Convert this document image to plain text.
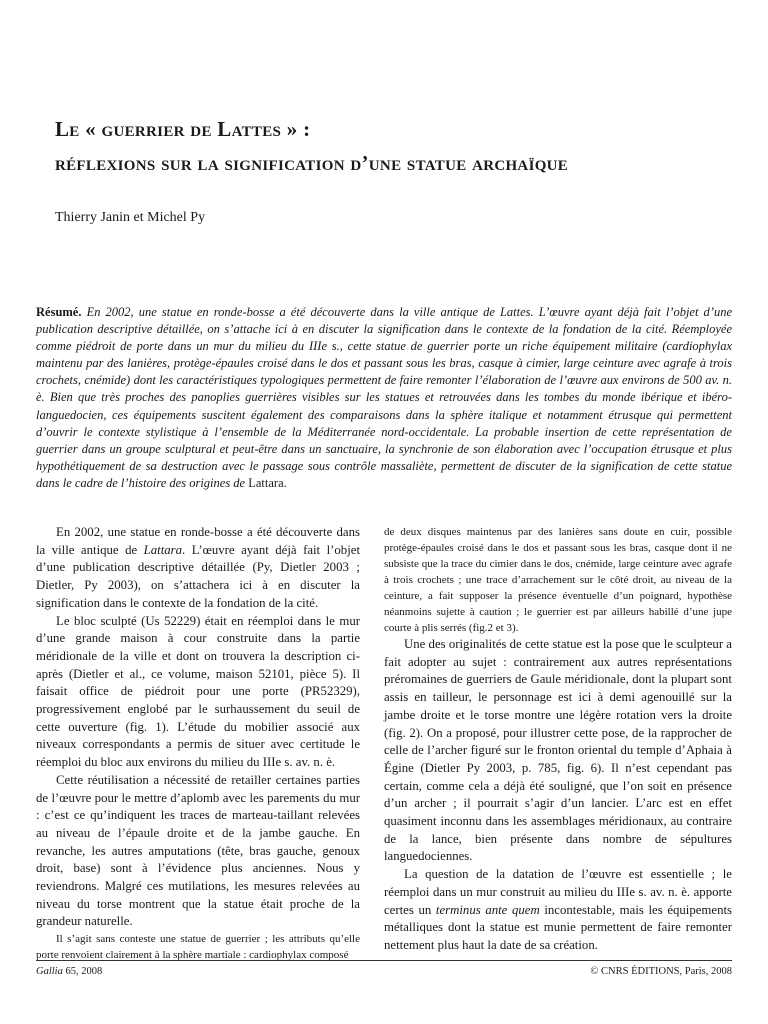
Le « guerrier de Lattes » :
réflexions sur la signification d’une statue archaïque
Thierry Janin et Michel Py

Résumé. En 2002, une statue en ronde-bosse a été découverte dans la ville antique de Lattes. L’œuvre ayant déjà fait l’objet d’une publication descriptive détaillée, on s’attache ici à en discuter la signification dans le contexte de la fondation de la cité. Réemployée comme piédroit de porte dans un mur du milieu du IIIe s., cette statue de guerrier porte un riche équipement militaire (cardiophylax maintenu par des lanières, protège-épaules croisé dans le dos et passant sous les bras, casque à cimier, large ceinture avec agrafe à trois crochets, cnémide) dont les caractéristiques typologiques permettent de faire remonter l’élaboration de l’œuvre aux environs de 500 av. n. è. Bien que très proches des panoplies guerrières visibles sur les statues et retrouvées dans les tombes du monde ibérique et ibéro-languedocien, ces équipements suscitent également des comparaisons dans la sphère italique et notamment étrusque qui permettent d’ouvrir le contexte stylistique à l’ensemble de la Méditerranée nord-occidentale. La probable insertion de cette représentation de guerrier dans un groupe sculptural et peut-être dans un sanctuaire, la synchronie de son élaboration avec l’occupation étrusque et plus hypothétiquement de sa destruction avec le passage sous contrôle massaliète, permettent de discuter de la signification de cette statue dans le cadre de l’histoire des origines de Lattara.

En 2002, une statue en ronde-bosse a été découverte dans la ville antique de Lattara. L’œuvre ayant déjà fait l’objet d’une publication descriptive détaillée (Py, Dietler 2003 ; Dietler, Py 2003), on s’attachera ici à en discuter la signification dans le contexte de la fondation de la cité.

Le bloc sculpté (Us 52229) était en réemploi dans le mur d’une grande maison à cour construite dans la partie méridionale de la ville et dont on trouvera la description ci-après (Dietler et al., ce volume, maison 52101, pièce 5). Il faisait office de piédroit pour une porte (PR52329), progressivement englobé par le surhaussement du seuil de cette ouverture (fig. 1). L’étude du mobilier associé aux niveaux correspondants a permis de situer avec certitude le réemploi du bloc aux environs du milieu du IIIe s. av. n. è.

Cette réutilisation a nécessité de retailler certaines parties de l’œuvre pour le mettre d’aplomb avec les parements du mur : c’est ce qu’indiquent les traces de marteau-taillant relevées au niveau de l’épaule droite et de la jambe gauche. En revanche, les autres amputations (tête, bras gauche, genoux droit, base) sont à l’évidence plus anciennes. Nous y reviendrons. Malgré ces mutilations, les mesures relevées au niveau du torse montrent que la statue était proche de la grandeur naturelle.

Il s’agit sans conteste une statue de guerrier ; les attributs qu’elle porte renvoient clairement à la sphère martiale : cardiophylax composé

de deux disques maintenus par des lanières sans doute en cuir, possible protège-épaules croisé dans le dos et passant sous les bras, casque dont il ne subsiste que la trace du cimier dans le dos, cnémide, large ceinture avec agrafe à trois crochets ; une trace d’arrachement sur le côté droit, au niveau de la ceinture, a fait supposer la présence éventuelle d’un poignard, hypothèse néanmoins sujette à caution ; le guerrier est par ailleurs habillé d’une jupe courte à plis serrés (fig.2 et 3).

Une des originalités de cette statue est la pose que le sculpteur a fait adopter au sujet : contrairement aux autres représentations préromaines de guerriers de Gaule méridionale, dont la plupart sont assis en tailleur, le personnage est ici à demi agenouillé sur la jambe droite et le torse montre une légère rotation vers la droite (fig. 2). On a proposé, pour illustrer cette pose, de la rapprocher de celle de l’archer figuré sur le fronton oriental du temple d’Aphaia à Égine (Dietler Py 2003, p. 785, fig. 6). Il n’est cependant pas certain, comme cela a déjà été souligné, que l’on soit en présence d’un archer ; il pourrait s’agir d’un lancier. L’arc est en effet quasiment inconnu dans les assemblages méridionaux, au contraire de la lance, bien présente dans nombre de sépultures languedociennes.

La question de la datation de l’œuvre est essentielle ; le réemploi dans un mur construit au milieu du IIIe s. av. n. è. apporte certes un terminus ante quem incontestable, mais les équipements métalliques dont la statue est munie permettent de faire remonter nettement plus haut la date de sa création.

Gallia 65, 2008	© CNRS ÉDITIONS, Paris, 2008
